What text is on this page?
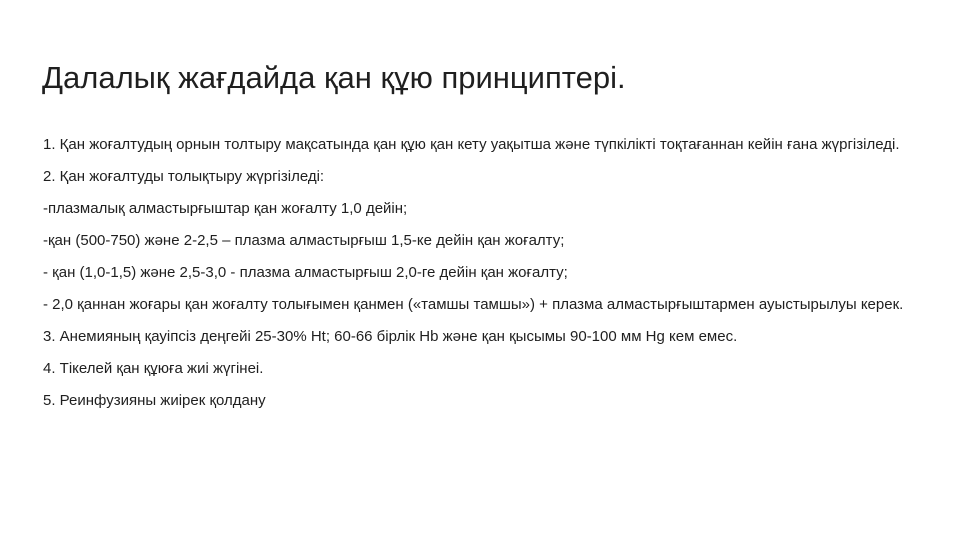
Далалық жағдайда қан құю принциптері.

1. Қан жоғалтудың орнын толтыру мақсатында қан құю қан кету уақытша және түпкілікті тоқтағаннан кейін ғана жүргізіледі.

2. Қан жоғалтуды толықтыру жүргізіледі:

-плазмалық алмастырғыштар қан жоғалту 1,0 дейін;

-қан (500-750) және 2-2,5 – плазма алмастырғыш 1,5-ке дейін қан жоғалту;

- қан (1,0-1,5) және 2,5-3,0 - плазма алмастырғыш 2,0-ге дейін қан жоғалту;

- 2,0 қаннан жоғары қан жоғалту толығымен қанмен («тамшы тамшы») + плазма алмастырғыштармен ауыстырылуы керек.

3. Анемияның қауіпсіз деңгейі 25-30% Ht; 60-66 бірлік Hb және қан қысымы 90-100 мм Hg кем емес.

4. Тікелей қан құюға жиі жүгінеі.

5. Реинфузияны жиірек қолдану
